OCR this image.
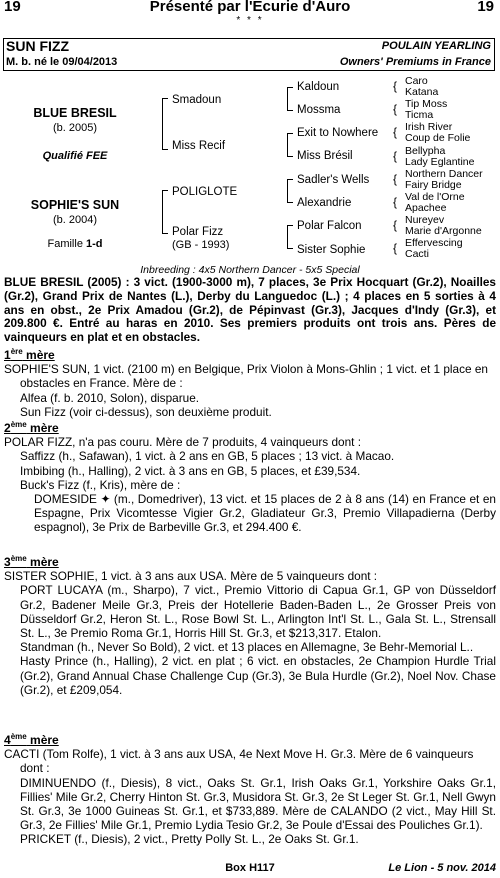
Présenté par l'Ecurie d'Auro
19	19
* * *
SUN FIZZ	POULAIN YEARLING
M. b. né le 09/04/2013	Owners' Premiums in France
BLUE BRESIL
(b. 2005)
Qualifié FEE
SOPHIE'S SUN
(b. 2004)
Famille 1-d
Smadoun
Miss Recif
POLIGLOTE
Polar Fizz
(GB - 1993)
Kaldoun
Mossma
Exit to Nowhere
Miss Brésil
Sadler's Wells
Alexandrie
Polar Falcon
Sister Sophie
{ Caro
Katana
{ Tip Moss
Ticma
{ Irish River
Coup de Folie
{ Bellypha
Lady Eglantine
{ Northern Dancer
Fairy Bridge
{ Val de l'Orne
Apachee
{ Nureyev
Marie d'Argonne
{ Effervescing
Cacti
Inbreeding : 4x5 Northern Dancer - 5x5 Special
BLUE BRESIL (2005) : 3 vict. (1900-3000 m), 7 places, 3e Prix Hocquart (Gr.2), Noailles (Gr.2), Grand Prix de Nantes (L.), Derby du Languedoc (L.) ; 4 places en 5 sorties à 4 ans en obst., 2e Prix Amadou (Gr.2), de Pépinvast (Gr.3), Jacques d'Indy (Gr.3), et 209.800 €. Entré au haras en 2010. Ses premiers produits ont trois ans. Pères de vainqueurs en plat et en obstacles.
1ère mère

SOPHIE'S SUN, 1 vict. (2100 m) en Belgique, Prix Violon à Mons-Ghlin ; 1 vict. et 1 place en obstacles en France. Mère de :

Alfea (f. b. 2010, Solon), disparue.

Sun Fizz (voir ci-dessus), son deuxième produit.

2ème mère

POLAR FIZZ, n'a pas couru. Mère de 7 produits, 4 vainqueurs dont :

Saffizz (h., Safawan), 1 vict. à 2 ans en GB, 5 places ; 13 vict. à Macao.

Imbibing (h., Halling), 2 vict. à 3 ans en GB, 5 places, et £39,534.

Buck's Fizz (f., Kris), mère de :

DOMESIDE ✦ (m., Domedriver), 13 vict. et 15 places de 2 à 8 ans (14) en France et en Espagne, Prix Vicomtesse Vigier Gr.2, Gladiateur Gr.3, Premio Villapadierna (Derby espagnol), 3e Prix de Barbeville Gr.3, et 294.400 €.

3ème mère

SISTER SOPHIE, 1 vict. à 3 ans aux USA. Mère de 5 vainqueurs dont :

PORT LUCAYA (m., Sharpo), 7 vict., Premio Vittorio di Capua Gr.1, GP von Düsseldorf Gr.2, Badener Meile Gr.3, Preis der Hotellerie Baden-Baden L., 2e Grosser Preis von Düsseldorf Gr.2, Heron St. L., Rose Bowl St. L., Arlington Int'l St. L., Gala St. L., Strensall St. L., 3e Premio Roma Gr.1, Horris Hill St. Gr.3, et $213,317. Etalon.

Standman (h., Never So Bold), 2 vict. et 13 places en Allemagne, 3e Behr-Memorial L..

Hasty Prince (h., Halling), 2 vict. en plat ; 6 vict. en obstacles, 2e Champion Hurdle Trial (Gr.2), Grand Annual Chase Challenge Cup (Gr.3), 3e Bula Hurdle (Gr.2), Noel Nov. Chase (Gr.2), et £209,054.

4ème mère

CACTI (Tom Rolfe), 1 vict. à 3 ans aux USA, 4e Next Move H. Gr.3. Mère de 6 vainqueurs dont :

DIMINUENDO (f., Diesis), 8 vict., Oaks St. Gr.1, Irish Oaks Gr.1, Yorkshire Oaks Gr.1, Fillies' Mile Gr.2, Cherry Hinton St. Gr.3, Musidora St. Gr.3, 2e St Leger St. Gr.1, Nell Gwyn St. Gr.3, 3e 1000 Guineas St. Gr.1, et $733,889. Mère de CALANDO (2 vict., May Hill St. Gr.3, 2e Fillies' Mile Gr.1, Premio Lydia Tesio Gr.2, 3e Poule d'Essai des Pouliches Gr.1).

PRICKET (f., Diesis), 2 vict., Pretty Polly St. L., 2e Oaks St. Gr.1.

Box H117	Le Lion - 5 nov. 2014
